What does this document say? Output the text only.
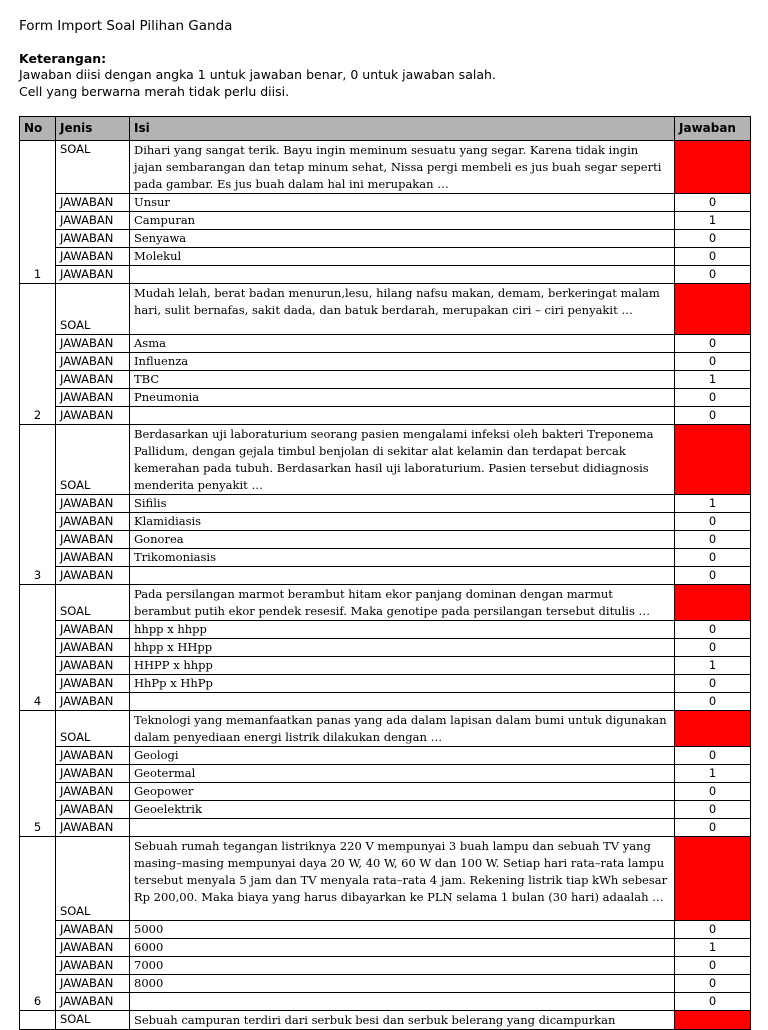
Form Import Soal Pilihan Ganda
Keterangan:
Jawaban diisi dengan angka 1 untuk jawaban benar, 0 untuk jawaban salah.
Cell yang berwarna merah tidak perlu diisi.
No	Jenis	Isi	Jawaban
1	SOAL	Dihari yang sangat terik. Bayu ingin meminum sesuatu yang segar. Karena tidak ingin jajan sembarangan dan tetap minum sehat, Nissa pergi membeli es jus buah segar seperti pada gambar. Es jus buah dalam hal ini merupakan …	
	JAWABAN	Unsur	0
	JAWABAN	Campuran	1
	JAWABAN	Senyawa	0
	JAWABAN	Molekul	0
	JAWABAN		0
2	SOAL	Mudah lelah, berat badan menurun,lesu, hilang nafsu makan, demam, berkeringat malam hari, sulit bernafas, sakit dada, dan batuk berdarah, merupakan ciri – ciri penyakit …	
	JAWABAN	Asma	0
	JAWABAN	Influenza	0
	JAWABAN	TBC	1
	JAWABAN	Pneumonia	0
	JAWABAN		0
3	SOAL	Berdasarkan uji laboraturium seorang pasien mengalami infeksi oleh bakteri Treponema Pallidum, dengan gejala timbul benjolan di sekitar alat kelamin dan terdapat bercak kemerahan pada tubuh. Berdasarkan hasil uji laboraturium. Pasien tersebut didiagnosis menderita penyakit …	
	JAWABAN	Sifilis	1
	JAWABAN	Klamidiasis	0
	JAWABAN	Gonorea	0
	JAWABAN	Trikomoniasis	0
	JAWABAN		0
4	SOAL	Pada persilangan marmot berambut hitam ekor panjang dominan dengan marmut berambut putih ekor pendek resesif. Maka genotipe pada persilangan tersebut ditulis …	
	JAWABAN	hhpp x hhpp	0
	JAWABAN	hhpp x HHpp	0
	JAWABAN	HHPP x hhpp	1
	JAWABAN	HhPp x HhPp	0
	JAWABAN		0
5	SOAL	Teknologi yang memanfaatkan panas yang ada dalam lapisan dalam bumi untuk digunakan dalam penyediaan energi listrik dilakukan dengan …	
	JAWABAN	Geologi	0
	JAWABAN	Geotermal	1
	JAWABAN	Geopower	0
	JAWABAN	Geoelektrik	0
	JAWABAN		0
6	SOAL	Sebuah rumah tegangan listriknya 220 V mempunyai 3 buah lampu dan sebuah TV yang masing–masing mempunyai daya 20 W, 40 W, 60 W dan 100 W. Setiap hari rata–rata lampu tersebut menyala 5 jam dan TV menyala rata–rata 4 jam. Rekening listrik tiap kWh sebesar Rp 200,00. Maka biaya yang harus dibayarkan ke PLN selama 1 bulan (30 hari) adaalah …	
	JAWABAN	5000	0
	JAWABAN	6000	1
	JAWABAN	7000	0
	JAWABAN	8000	0
	JAWABAN		0
	SOAL	Sebuah campuran terdiri dari serbuk besi dan serbuk belerang yang dicampurkan	
